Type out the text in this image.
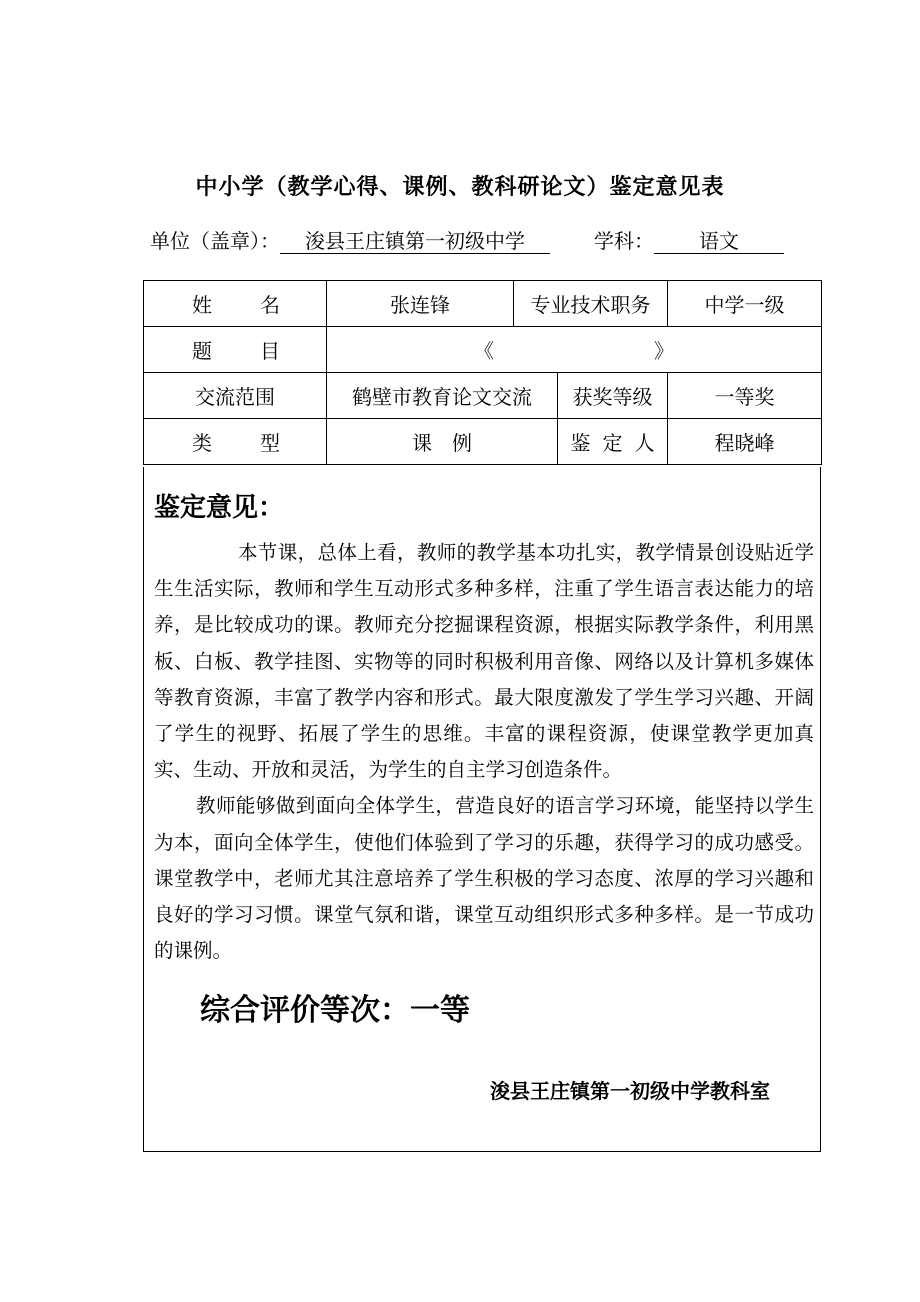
中小学（教学心得、课例、教科研论文）鉴定意见表
单位（盖章）： 浚县王庄镇第一初级中学	学科： 语文
姓名	张连锋	专业技术职务		中学一级
题目	《 》			
交流范围	鹤壁市教育论文交流		获奖等级	一等奖
类型	课　例		鉴定人	程晓峰
鉴定意见：

本节课，总体上看，教师的教学基本功扎实，教学情景创设贴近学生生活实际，教师和学生互动形式多种多样，注重了学生语言表达能力的培养，是比较成功的课。教师充分挖掘课程资源，根据实际教学条件，利用黑板、白板、教学挂图、实物等的同时积极利用音像、网络以及计算机多媒体等教育资源，丰富了教学内容和形式。最大限度激发了学生学习兴趣、开阔了学生的视野、拓展了学生的思维。丰富的课程资源，使课堂教学更加真实、生动、开放和灵活，为学生的自主学习创造条件。

教师能够做到面向全体学生，营造良好的语言学习环境，能坚持以学生为本，面向全体学生，使他们体验到了学习的乐趣，获得学习的成功感受。课堂教学中，老师尤其注意培养了学生积极的学习态度、浓厚的学习兴趣和良好的学习习惯。课堂气氛和谐，课堂互动组织形式多种多样。是一节成功的课例。

综合评价等次：一等
浚县王庄镇第一初级中学教科室
